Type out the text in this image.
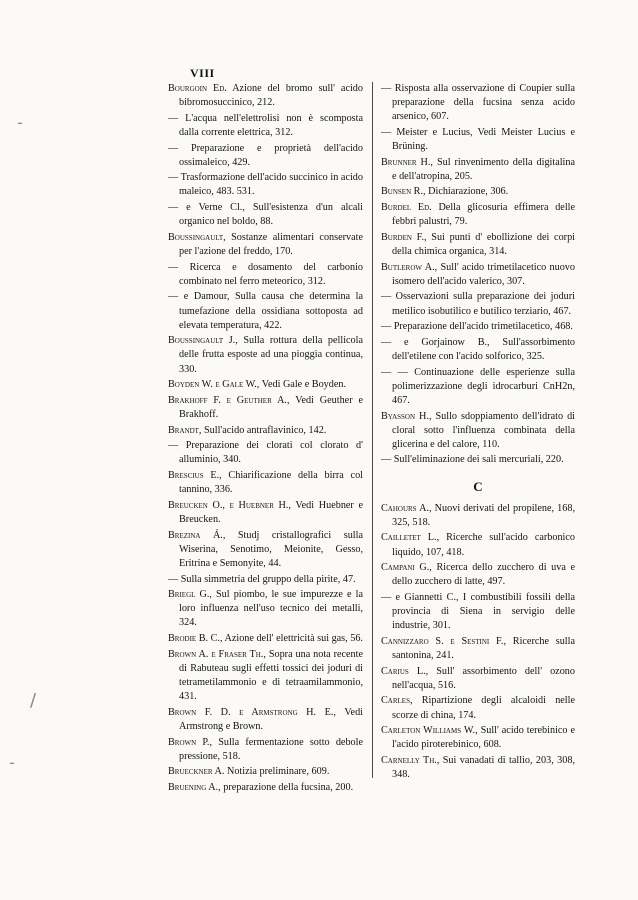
VIII
ـ
/
ـ

Bourgoin Ed. Azione del bromo sull' acido bibromosuccinico, 212.

— L'acqua nell'elettrolisi non è scomposta dalla corrente elettrica, 312.

— Preparazione e proprietà dell'acido ossimaleico, 429.

— Trasformazione dell'acido succinico in acido maleico, 483. 531.

— e Verne Cl., Sull'esistenza d'un alcali organico nel boldo, 88.

Boussingault, Sostanze alimentari conservate per l'azione del freddo, 170.

— Ricerca e dosamento del carbonio combinato nel ferro meteorico, 312.

— e Damour, Sulla causa che determina la tumefazione della ossidiana sottoposta ad elevata temperatura, 422.

Boussingault J., Sulla rottura della pellicola delle frutta esposte ad una pioggia continua, 330.

Boyden W. e Gale W., Vedi Gale e Boyden.

Brakhoff F. e Geuther A., Vedi Geuther e Brakhoff.

Brandt, Sull'acido antraflavinico, 142.

— Preparazione dei clorati col clorato d' alluminio, 340.

Brescius E., Chiarificazione della birra col tannino, 336.

Breucken O., e Huebner H., Vedi Huebner e Breucken.

Brezina Á., Studj cristallografici sulla Wiserina, Senotimo, Meionite, Gesso, Eritrina e Semonyite, 44.

— Sulla simmetria del gruppo della pirite, 47.

Briegl G., Sul piombo, le sue impurezze e la loro influenza nell'uso tecnico dei metalli, 324.

Brodie B. C., Azione dell' elettricità sui gas, 56.

Brown A. e Fraser Th., Sopra una nota recente di Rabuteau sugli effetti tossici dei joduri di tetrametilammonio e di tetraamilammonio, 431.

Brown F. D. e Armstrong H. E., Vedi Armstrong e Brown.

Brown P., Sulla fermentazione sotto debole pressione, 518.

Brueckner A. Notizia preliminare, 609.

Bruening A., preparazione della fucsina, 200.

— Risposta alla osservazione di Coupier sulla preparazione della fucsina senza acido arsenico, 607.

— Meister e Lucius, Vedi Meister Lucius e Brüning.

Brunner H., Sul rinvenimento della digitalina e dell'atropina, 205.

Bunsen R., Dichiarazione, 306.

Burdel Ed. Della glicosuria effimera delle febbri palustri, 79.

Burden F., Sui punti d' ebollizione dei corpi della chimica organica, 314.

Butlerow A., Sull' acido trimetilacetico nuovo isomero dell'acido valerico, 307.

— Osservazioni sulla preparazione dei joduri metilico isobutilico e butilico terziario, 467.

— Preparazione dell'acido trimetilacetico, 468.

— e Gorjainow B., Sull'assorbimento dell'etilene con l'acido solforico, 325.

— — Continuazione delle esperienze sulla polimerizzazione degli idrocarburi CnH2n, 467.

Byasson H., Sullo sdoppiamento dell'idrato di cloral sotto l'influenza combinata della glicerina e del calore, 110.

— Sull'eliminazione dei sali mercuriali, 220.

C

Cahours A., Nuovi derivati del propilene, 168, 325, 518.

Cailletet L., Ricerche sull'acido carbonico liquido, 107, 418.

Campani G., Ricerca dello zucchero di uva e dello zucchero di latte, 497.

— e Giannetti C., I combustibili fossili della provincia di Siena in servigio delle industrie, 301.

Cannizzaro S. e Sestini F., Ricerche sulla santonina, 241.

Carius L., Sull' assorbimento dell' ozono nell'acqua, 516.

Carles, Ripartizione degli alcaloidi nelle scorze di china, 174.

Carleton Williams W., Sull' acido terebinico e l'acido piroterebinico, 608.

Carnelly Th., Sui vanadati di tallio, 203, 308, 348.
